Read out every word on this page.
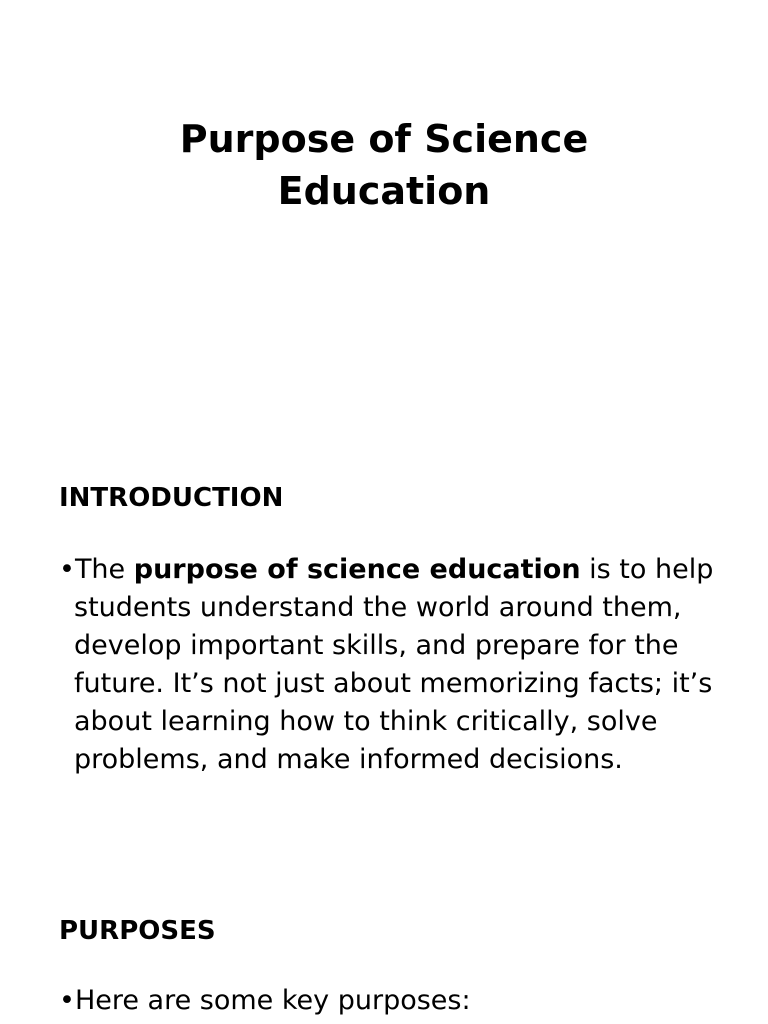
Purpose of Science
Education
INTRODUCTION

•The purpose of science education is to help students understand the world around them, develop important skills, and prepare for the future. It’s not just about memorizing facts; it’s about learning how to think critically, solve problems, and make informed decisions.

PURPOSES

•Here are some key purposes:
